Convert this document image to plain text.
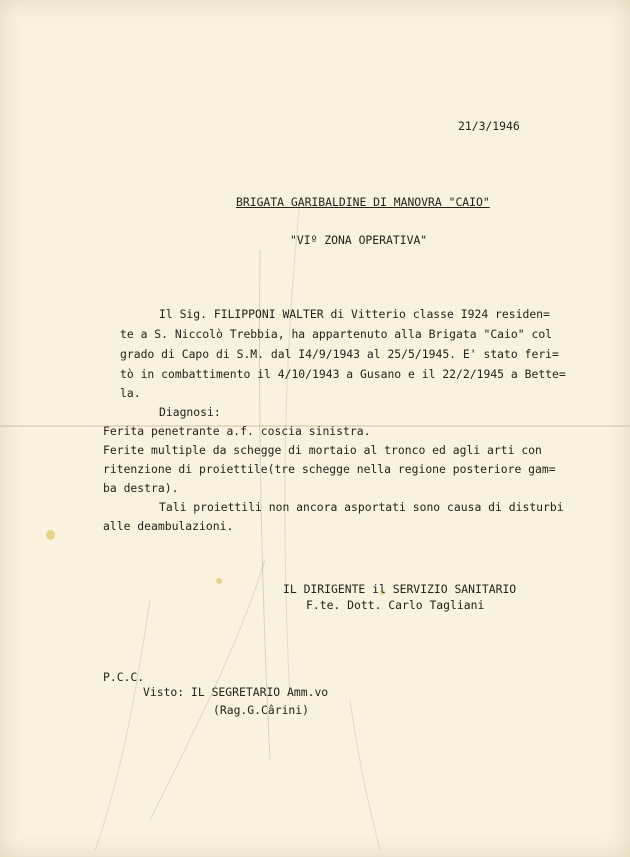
21/3/1946
BRIGATA GARIBALDINE DI MANOVRA "CAIO"
"VIº ZONA OPERATIVA"
Il Sig. FILIPPONI WALTER di Vitterio classe I924 residen=
te a S. Niccolò Trebbia, ha appartenuto alla Brigata "Caio" col
grado di Capo di S.M. dal I4/9/1943 al 25/5/1945. E' stato feri=
tò in combattimento il 4/10/1943 a Gusano e il 22/2/1945 a Bette=
la.
Diagnosi:
Ferita penetrante a.f. coscia sinistra.
Ferite multiple da schegge di mortaio al tronco ed agli arti con
ritenzione di proiettile(tre schegge nella regione posteriore gam=
ba destra).
Tali proiettili non ancora asportati sono causa di disturbi
alle deambulazioni.
IL DIRIGENTE il SERVIZIO SANITARIO
F.te. Dott. Carlo Tagliani
P.C.C.
Visto: IL SEGRETARIO Amm.vo
(Rag.G.Cârini)
